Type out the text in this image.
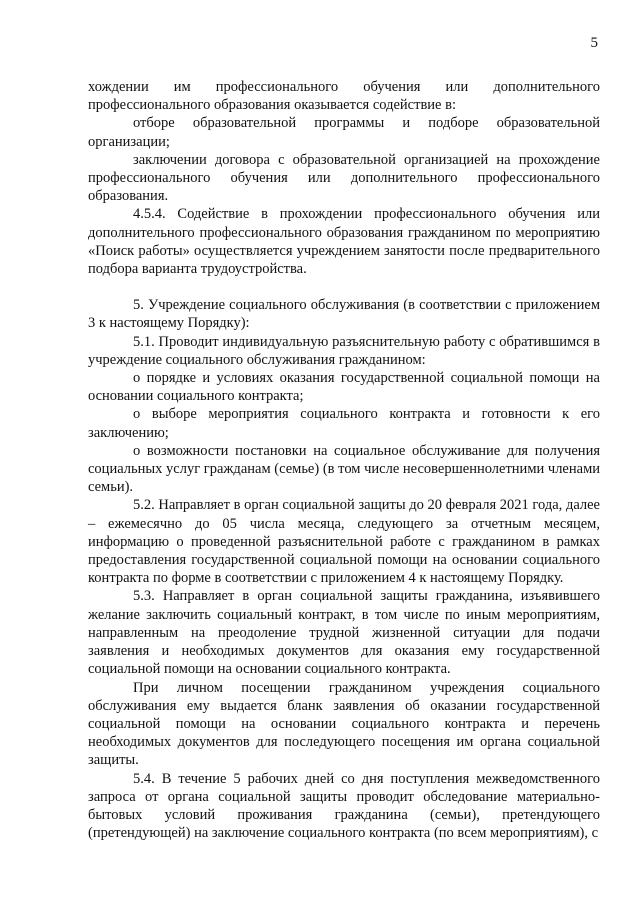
5

хождении им профессионального обучения или дополнительного профессионального образования оказывается содействие в:

отборе образовательной программы и подборе образовательной организации;

заключении договора с образовательной организацией на прохождение профессионального обучения или дополнительного профессионального образования.

4.5.4. Содействие в прохождении профессионального обучения или дополнительного профессионального образования гражданином по мероприятию «Поиск работы» осуществляется учреждением занятости после предварительного подбора варианта трудоустройства.

5. Учреждение социального обслуживания (в соответствии с приложением 3 к настоящему Порядку):

5.1. Проводит индивидуальную разъяснительную работу с обратившимся в учреждение социального обслуживания гражданином:

о порядке и условиях оказания государственной социальной помощи на основании социального контракта;

о выборе мероприятия социального контракта и готовности к его заключению;

о возможности постановки на социальное обслуживание для получения социальных услуг гражданам (семье) (в том числе несовершеннолетними членами семьи).

5.2. Направляет в орган социальной защиты до 20 февраля 2021 года, далее – ежемесячно до 05 числа месяца, следующего за отчетным месяцем, информацию о проведенной разъяснительной работе с гражданином в рамках предоставления государственной социальной помощи на основании социального контракта по форме в соответствии с приложением 4 к настоящему Порядку.

5.3. Направляет в орган социальной защиты гражданина, изъявившего желание заключить социальный контракт, в том числе по иным мероприятиям, направленным на преодоление трудной жизненной ситуации для подачи заявления и необходимых документов для оказания ему государственной социальной помощи на основании социального контракта.

При личном посещении гражданином учреждения социального обслуживания ему выдается бланк заявления об оказании государственной социальной помощи на основании социального контракта и перечень необходимых документов для последующего посещения им органа социальной защиты.

5.4. В течение 5 рабочих дней со дня поступления межведомственного запроса от органа социальной защиты проводит обследование материально-бытовых условий проживания гражданина (семьи), претендующего (претендующей) на заключение социального контракта (по всем мероприятиям), с
